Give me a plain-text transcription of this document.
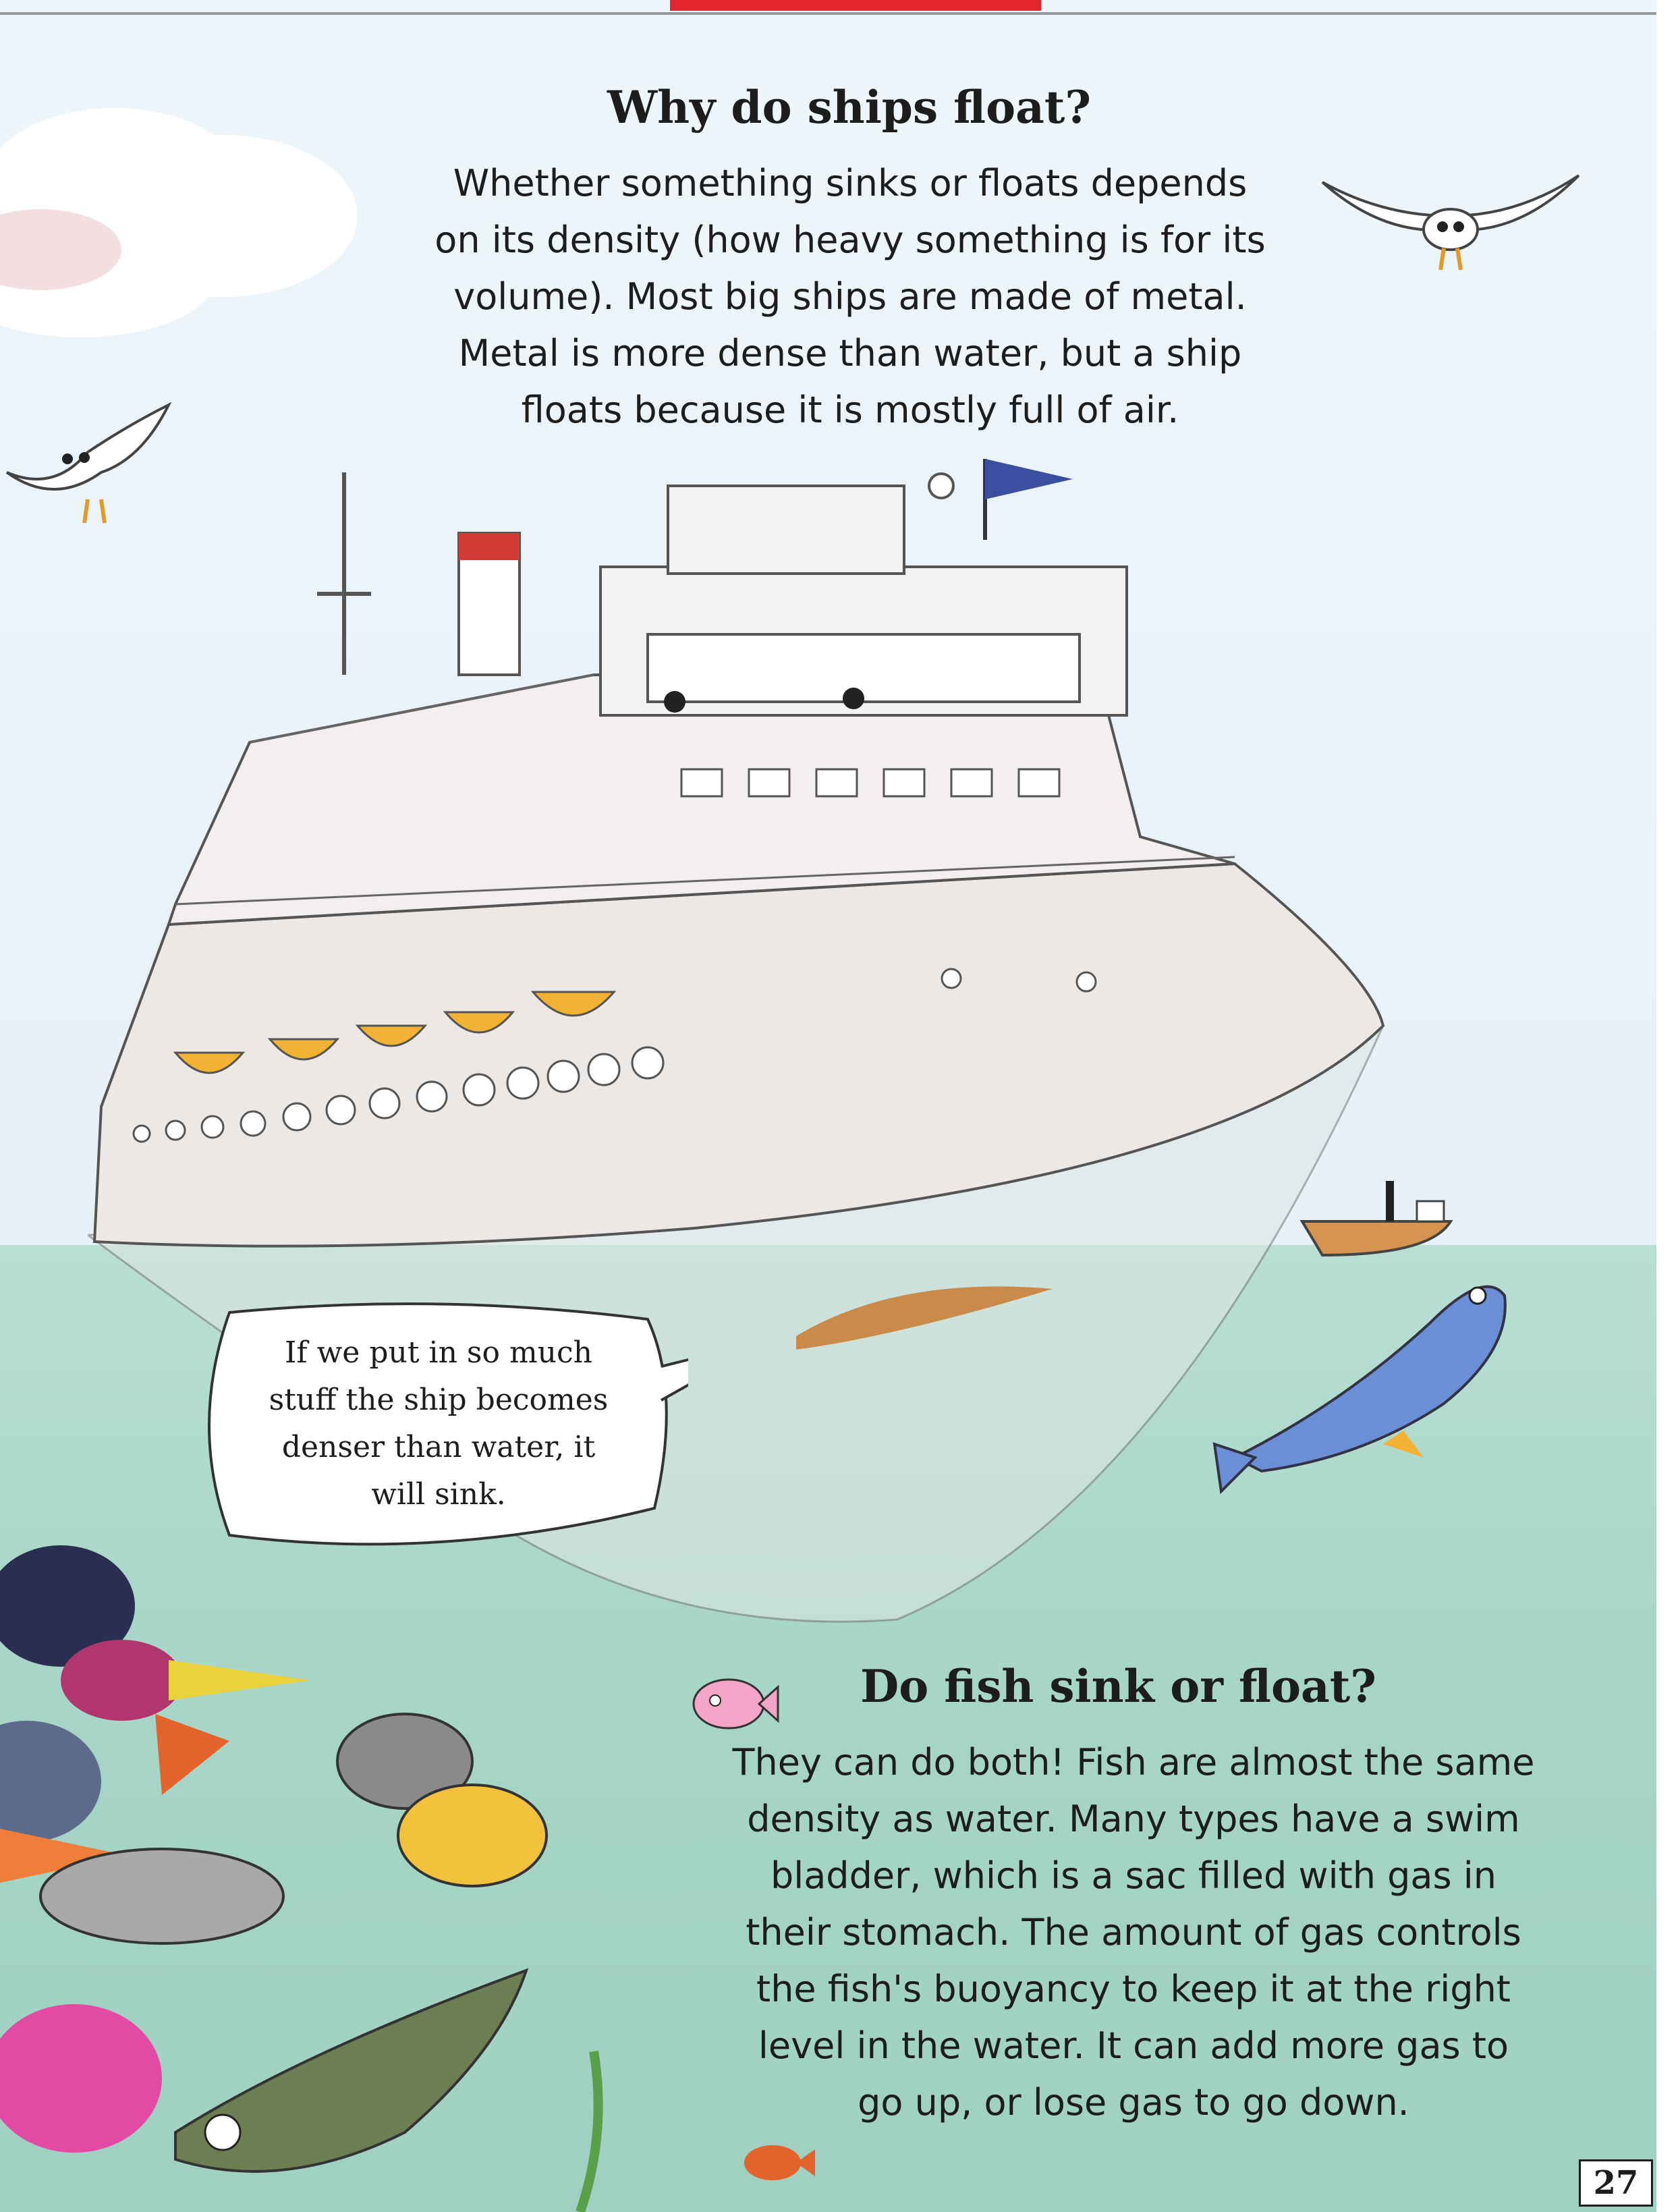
If we put in so much
stuff the ship becomes
denser than water, it
will sink.

Why do ships float?

Whether something sinks or floats depends
on its density (how heavy something is for its
volume). Most big ships are made of metal.
Metal is more dense than water, but a ship
floats because it is mostly full of air.

Do fish sink or float?

They can do both! Fish are almost the same
density as water. Many types have a swim
bladder, which is a sac filled with gas in
their stomach. The amount of gas controls
the fish's buoyancy to keep it at the right
level in the water. It can add more gas to
go up, or lose gas to go down.

27
